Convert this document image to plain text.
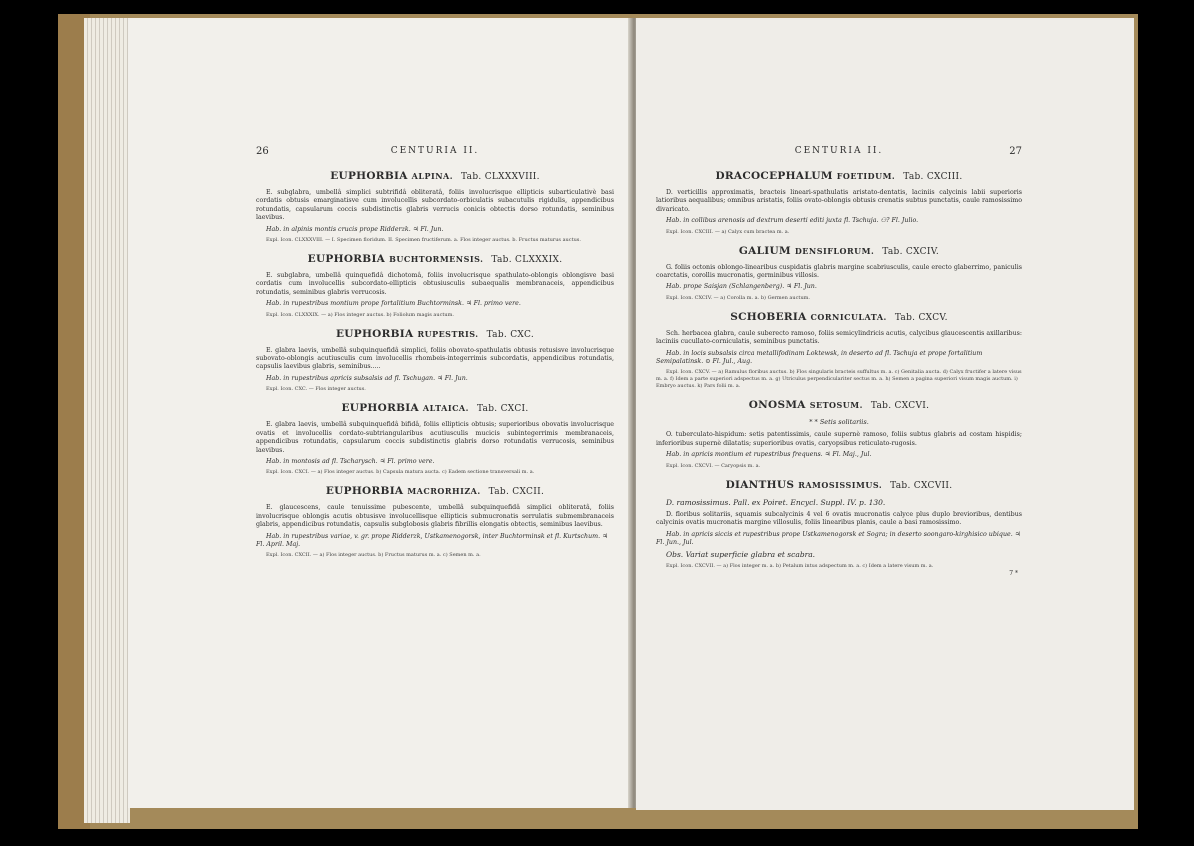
26	CENTURIA II.
EUPHORBIA ALPINA. Tab. CLXXXVIII.

E. subglabra, umbellâ simplici subtrifidâ obliteratâ, foliis involucrisque ellipticis subarticulativè basi cordatis obtusis emarginatisve cum involucellis subcordato-orbiculatis subacutulis rigidulis, appendicibus rotundatis, capsularum coccis subdistinctis glabris verrucis conicis obtectis dorso rotundatis, seminibus laevibus.

Hab. in alpinis montis crucis prope Ridderzk. ♃ Fl. Jun.

Expl. Icon. CLXXXVIII. — I. Specimen floridum. II. Specimen fructiferum. a. Flos integer auctus. b. Fructus maturus auctus.

EUPHORBIA BUCHTORMENSIS. Tab. CLXXXIX.

E. subglabra, umbellâ quinquefidâ dichotomâ, foliis involucrisque spathulato-oblongis oblongisve basi cordatis cum involucellis subcordato-ellipticis obtusiusculis subaequalis membranaceis, appendicibus rotundatis, seminibus glabris verrucosis.

Hab. in rupestribus montium prope fortalitium Buchtorminsk. ♃ Fl. primo vere.

Expl. Icon. CLXXXIX. — a) Flos integer auctus. b) Foliolum magis auctum.

EUPHORBIA RUPESTRIS. Tab. CXC.

E. glabra laevis, umbellâ subquinquefidâ simplici, foliis obovato-spathulatis obtusis retusisve involucrisque subovato-oblongis acutiusculis cum involucellis rhombeis-integerrimis subcordatis, appendicibus rotundatis, capsulis laevibus glabris, seminibus.....

Hab. in rupestribus apricis subsalsis ad fl. Tschugan. ♃ Fl. Jun.

Expl. Icon. CXC. — Flos integer auctus.

EUPHORBIA ALTAICA. Tab. CXCI.

E. glabra laevis, umbellâ subquinquefidâ bifidâ, foliis ellipticis obtusis; superioribus obovatis involucrisque ovatis et involucellis cordato-subtriangularibus acutiusculis mucicis subintegerrimis membranaceis, appendicibus rotundatis, capsularum coccis subdistinctis glabris dorso rotundatis verrucosis, seminibus laevibus.

Hab. in montosis ad fl. Tscharysch. ♃ Fl. primo vere.

Expl. Icon. CXCI. — a) Flos integer auctus. b) Capsula matura aucta. c) Eadem sectione transversali m. a.

EUPHORBIA MACRORHIZA. Tab. CXCII.

E. glaucescens, caule tenuissime pubescente, umbellâ subquinquefidâ simplici obliteratâ, foliis involucrisque oblongis acutis obtusisve involucellisque ellipticis submucronatis serrulatis submembranaceis glabris, appendicibus rotundatis, capsulis subglobosis glabris fibrillis elongatis obtectis, seminibus laevibus.

Hab. in rupestribus variae, v. gr. prope Ridderzk, Ustkamenogorsk, inter Buchtorminsk et fl. Kurtschum. ♃ Fl. April. Maj.

Expl. Icon. CXCII. — a) Flos integer auctus. b) Fructus maturus m. a. c) Semen m. a.

CENTURIA II.	27
DRACOCEPHALUM FOETIDUM. Tab. CXCIII.

D. verticillis approximatis, bracteis lineari-spathulatis aristato-dentatis, laciniis calycinis labii superioris latioribus aequalibus; omnibus aristatis, foliis ovato-oblongis obtusis crenatis subtus punctatis, caule ramosissimo divaricato.

Hab. in collibus arenosis ad dextrum deserti editi juxta fl. Tschuja. ⚇? Fl. Julio.

Expl. Icon. CXCIII. — a) Calyx cum bractea m. a.

GALIUM DENSIFLORUM. Tab. CXCIV.

G. foliis octonis oblongo-linearibus cuspidatis glabris margine scabriusculis, caule erecto glaberrimo, paniculis coarctatis, corollis mucronatis, germinibus villosis.

Hab. prope Saisjan (Schlangenberg). ♃ Fl. Jun.

Expl. Icon. CXCIV. — a) Corolla m. a. b) Germen auctum.

SCHOBERIA CORNICULATA. Tab. CXCV.

Sch. herbacea glabra, caule suberecto ramoso, foliis semicylindricis acutis, calycibus glaucescentis axillaribus: laciniis cucullato-corniculatis, seminibus punctatis.

Hab. in locis subsalsis circa metallifodinam Loktewsk, in deserto ad fl. Tschuja et prope fortalitium Semipalatinsk. ⊙ Fl. Jul., Aug.

Expl. Icon. CXCV. — a) Ramulus floribus auctus. b) Flos singularis bracteis suffultus m. a. c) Genitalia aucta. d) Calyx fructifer a latere visus m. a. f) Idem a parte superiori adspectus m. a. g) Utriculus perpendiculariter sectus m. a. h) Semen a pagina superiori visum magis auctum. i) Embryo auctus. k) Pars folii m. a.

ONOSMA SETOSUM. Tab. CXCVI.
* * Setis solitariis.

O. tuberculato-hispidum: setis patentissimis, caule supernè ramoso, foliis subtus glabris ad costam hispidis; inferioribus supernè dilatatis; superioribus ovatis, caryopsibus reticulato-rugosis.

Hab. in apricis montium et rupestribus frequens. ♃ Fl. Maj., Jul.

Expl. Icon. CXCVI. — Caryopsis m. a.

DIANTHUS RAMOSISSIMUS. Tab. CXCVII.

D. ramosissimus. Pall. ex Poiret. Encycl. Suppl. IV. p. 130.

D. floribus solitariis, squamis subcalycinis 4 vel 6 ovatis mucronatis calyce plus duplo brevioribus, dentibus calycinis ovatis mucronatis margine villosulis, foliis linearibus planis, caule a basi ramosissimo.

Hab. in apricis siccis et rupestribus prope Ustkamenogorsk et Sogra; in deserto soongaro-kirghisico ubique. ♃ Fl. Jun., Jul.

Obs. Variat superficie glabra et scabra.

Expl. Icon. CXCVII. — a) Flos integer m. a. b) Petalum intus adspectum m. a. c) Idem a latere visum m. a.

7 *
